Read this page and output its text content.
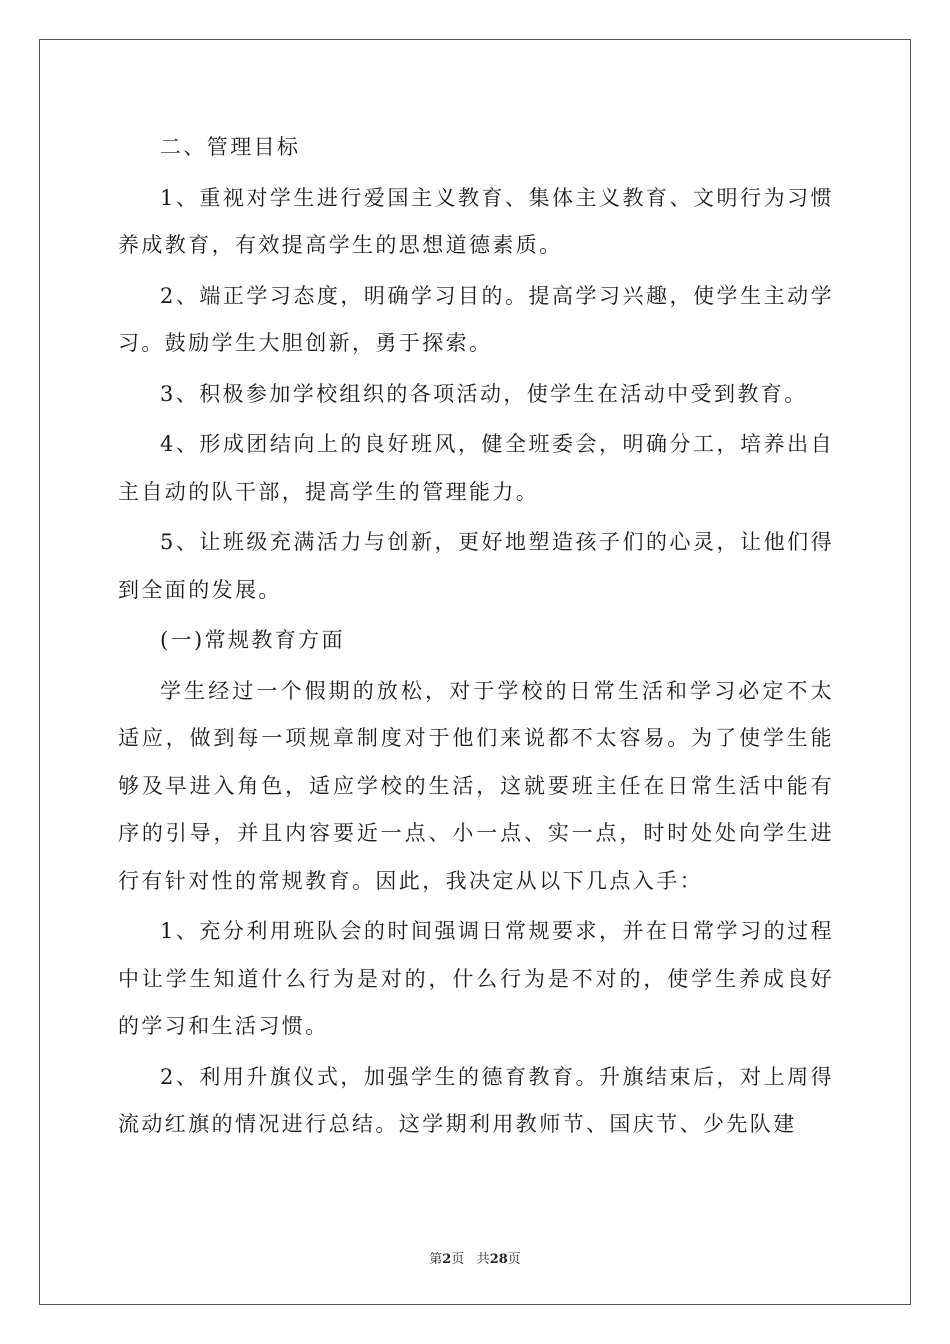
二、管理目标

1、重视对学生进行爱国主义教育、集体主义教育、文明行为习惯养成教育，有效提高学生的思想道德素质。

2、端正学习态度，明确学习目的。提高学习兴趣，使学生主动学习。鼓励学生大胆创新，勇于探索。

3、积极参加学校组织的各项活动，使学生在活动中受到教育。

4、形成团结向上的良好班风，健全班委会，明确分工，培养出自主自动的队干部，提高学生的管理能力。

5、让班级充满活力与创新，更好地塑造孩子们的心灵，让他们得到全面的发展。

(一)常规教育方面

学生经过一个假期的放松，对于学校的日常生活和学习必定不太适应，做到每一项规章制度对于他们来说都不太容易。为了使学生能够及早进入角色，适应学校的生活，这就要班主任在日常生活中能有序的引导，并且内容要近一点、小一点、实一点，时时处处向学生进行有针对性的常规教育。因此，我决定从以下几点入手：

1、充分利用班队会的时间强调日常规要求，并在日常学习的过程中让学生知道什么行为是对的，什么行为是不对的，使学生养成良好的学习和生活习惯。

2、利用升旗仪式，加强学生的德育教育。升旗结束后，对上周得流动红旗的情况进行总结。这学期利用教师节、国庆节、少先队建

第2页 共28页
